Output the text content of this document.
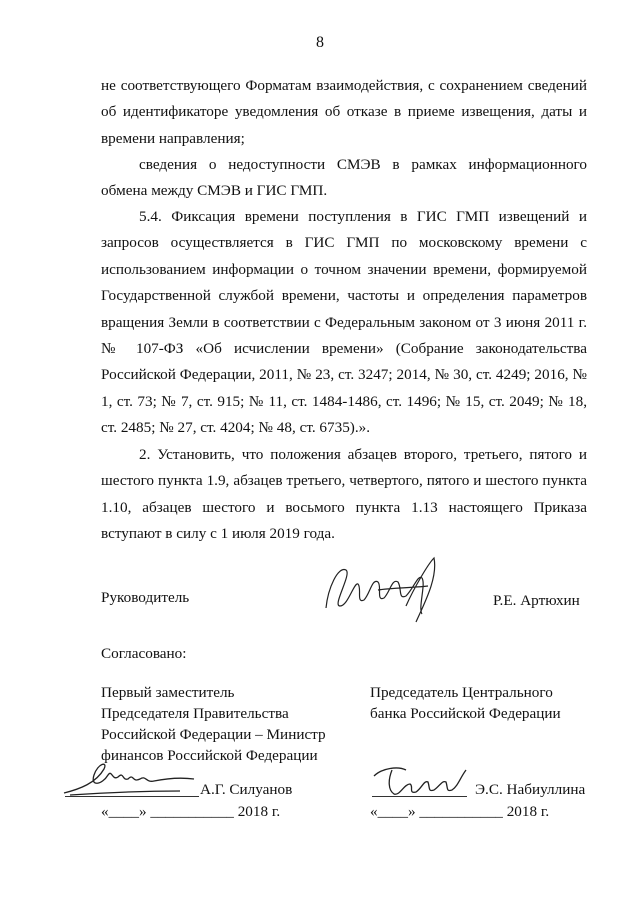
8

не соответствующего Форматам взаимодействия, с сохранением сведений об идентификаторе уведомления об отказе в приеме извещения, даты и времени направления;

сведения о недоступности СМЭВ в рамках информационного обмена между СМЭВ и ГИС ГМП.

5.4. Фиксация времени поступления в ГИС ГМП извещений и запросов осуществляется в ГИС ГМП по московскому времени с использованием информации о точном значении времени, формируемой Государственной службой времени, частоты и определения параметров вращения Земли в соответствии с Федеральным законом от 3 июня 2011 г. № 107-ФЗ «Об исчислении времени» (Собрание законодательства Российской Федерации, 2011, № 23, ст. 3247; 2014, № 30, ст. 4249; 2016, № 1, ст. 73; № 7, ст. 915; № 11, ст. 1484-1486, ст. 1496; № 15, ст. 2049; № 18, ст. 2485; № 27, ст. 4204; № 48, ст. 6735).».

2. Установить, что положения абзацев второго, третьего, пятого и шестого пункта 1.9, абзацев третьего, четвертого, пятого и шестого пункта 1.10, абзацев шестого и восьмого пункта 1.13 настоящего Приказа вступают в силу с 1 июля 2019 года.

Руководитель	Р.Е. Артюхин
Согласовано:
Первый заместитель
Председателя Правительства
Российской Федерации – Министр
финансов Российской Федерации
А.Г. Силуанов
«____» ___________ 2018 г.
Председатель Центрального
банка Российской Федерации
Э.С. Набиуллина
«____» ___________ 2018 г.
